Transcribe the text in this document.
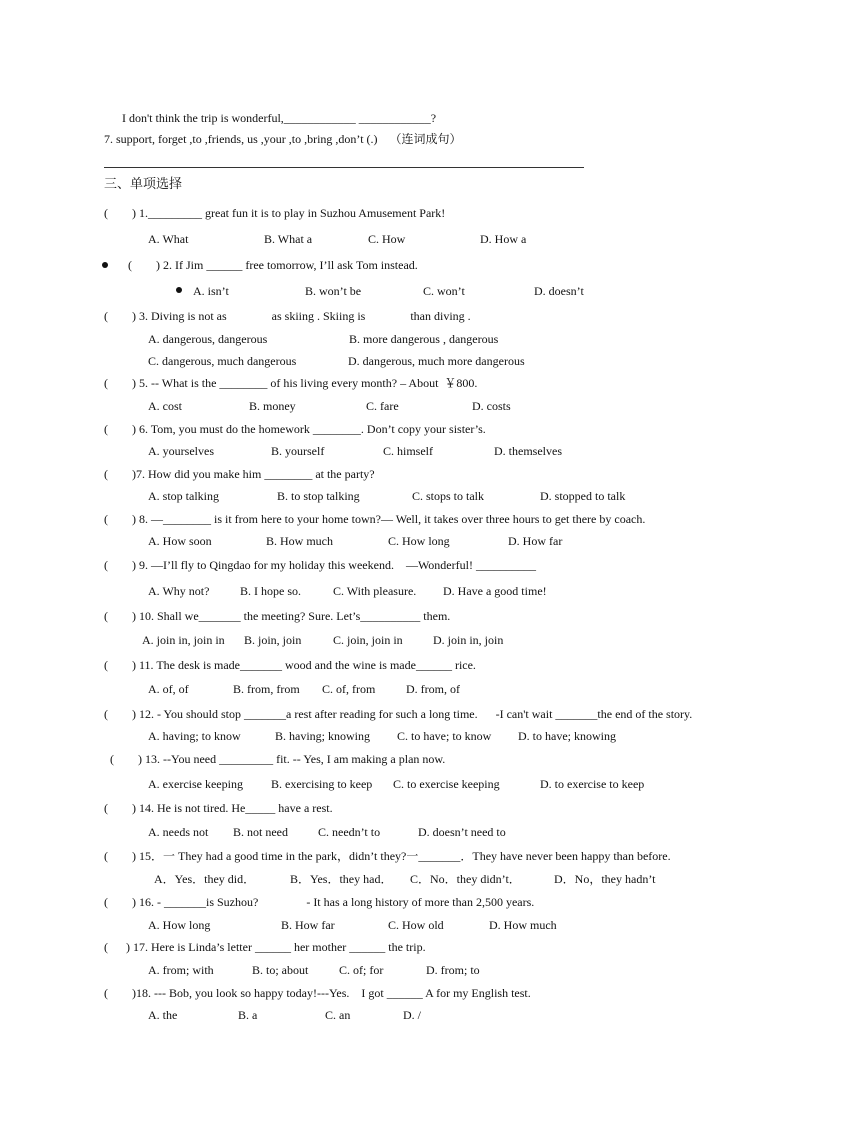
I don't think the trip is wonderful,____________ ____________?
7. support, forget ,to ,friends, us ,your ,to ,bring ,don’t (.)    （连词成句）
三、单项选择
(        ) 1._________ great fun it is to play in Suzhou Amusement Park!
A. What	B. What a	C. How	D. How a
(        ) 2. If Jim ______ free tomorrow, I’ll ask Tom instead.
A. isn’t	B. won’t be	C. won’t	D. doesn’t
(        ) 3. Diving is not as               as skiing . Skiing is               than diving .
A. dangerous, dangerous	B. more dangerous , dangerous
C. dangerous, much dangerous	D. dangerous, much more dangerous
(        ) 5. -- What is the ________ of his living every month? – About  ￥800.
A. cost	B. money	C. fare	D. costs
(        ) 6. Tom, you must do the homework ________. Don’t copy your sister’s.
A. yourselves	B. yourself	C. himself	D. themselves
(        )7. How did you make him ________ at the party?
A. stop talking	B. to stop talking	C. stops to talk	D. stopped to talk
(        ) 8. —________ is it from here to your home town?— Well, it takes over three hours to get there by coach.
A. How soon	B. How much	C. How long	D. How far
(        ) 9. —I’ll fly to Qingdao for my holiday this weekend.    —Wonderful! __________
A. Why not?	B. I hope so.	C. With pleasure. D. Have a good time!
(        ) 10. Shall we_______ the meeting? Sure. Let’s__________ them.
A. join in, join in B. join, join	C. join, join in	D. join in, join
(        ) 11. The desk is made_______ wood and the wine is made______ rice.
A. of, of	B. from, from C. of, from	D. from, of
(        ) 12. - You should stop _______a rest after reading for such a long time.      -I can't wait _______the end of the story.
A. having; to know	B. having; knowing C. to have; to know D. to have; knowing
(        ) 13. --You need _________ fit. -- Yes, I am making a plan now.
A. exercise keeping B. exercising to keep C. to exercise keeping	D. to exercise to keep
(        ) 14. He is not tired. He_____ have a rest.
A. needs not B. not need	C. needn’t to	D. doesn’t need to
(        ) 15．一 They had a good time in the park，didn’t they?一_______．They have never been happy than before.
A．Yes．they did．	B．Yes．they had． C．No．they didn’t．	D．No，they hadn’t
(        ) 16. - _______is Suzhou?                - It has a long history of more than 2,500 years.
A. How long	B. How far	C. How old	D. How much
(      ) 17. Here is Linda’s letter ______ her mother ______ the trip.
A. from; with	B. to; about	C. of; for	D. from; to
(        )18. --- Bob, you look so happy today!---Yes.    I got ______ A for my English test.
A. the	B. a	C. an	D. /
